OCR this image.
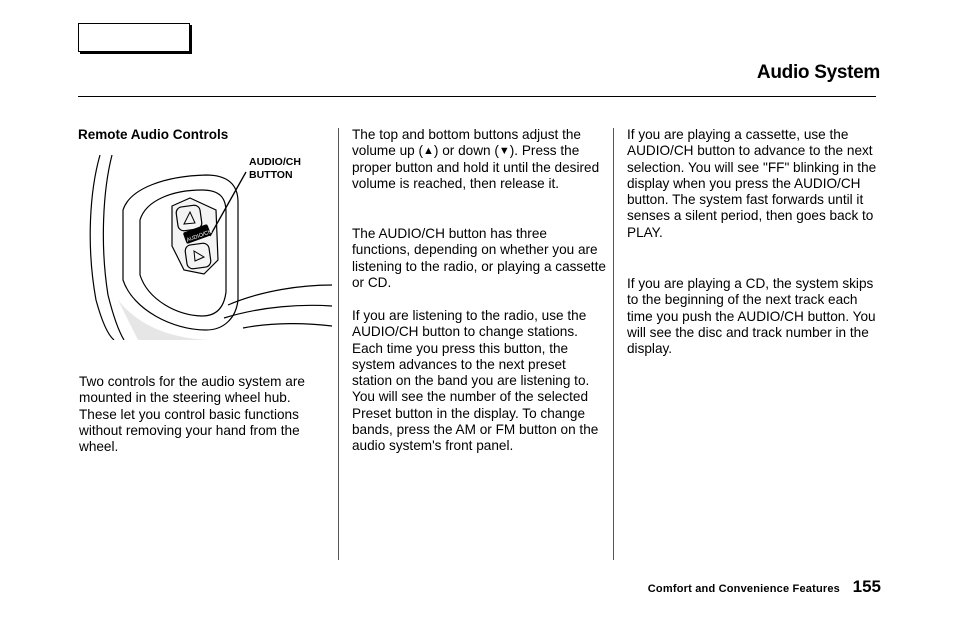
Audio System
Remote Audio Controls
AUDIO/CH
AUDIO/CH
BUTTON

Two controls for the audio system are mounted in the steering wheel hub. These let you control basic functions without removing your hand from the wheel.

The top and bottom buttons adjust the volume up (▲) or down (▼). Press the proper button and hold it until the desired volume is reached, then release it.

The AUDIO/CH button has three functions, depending on whether you are listening to the radio, or playing a cassette or CD.

If you are listening to the radio, use the AUDIO/CH button to change stations. Each time you press this button, the system advances to the next preset station on the band you are listening to. You will see the number of the selected Preset button in the display. To change bands, press the AM or FM button on the audio system's front panel.

If you are playing a cassette, use the AUDIO/CH button to advance to the next selection. You will see "FF" blinking in the display when you press the AUDIO/CH button. The system fast forwards until it senses a silent period, then goes back to PLAY.

If you are playing a CD, the system skips to the beginning of the next track each time you push the AUDIO/CH button. You will see the disc and track number in the display.

Comfort and Convenience Features 155
